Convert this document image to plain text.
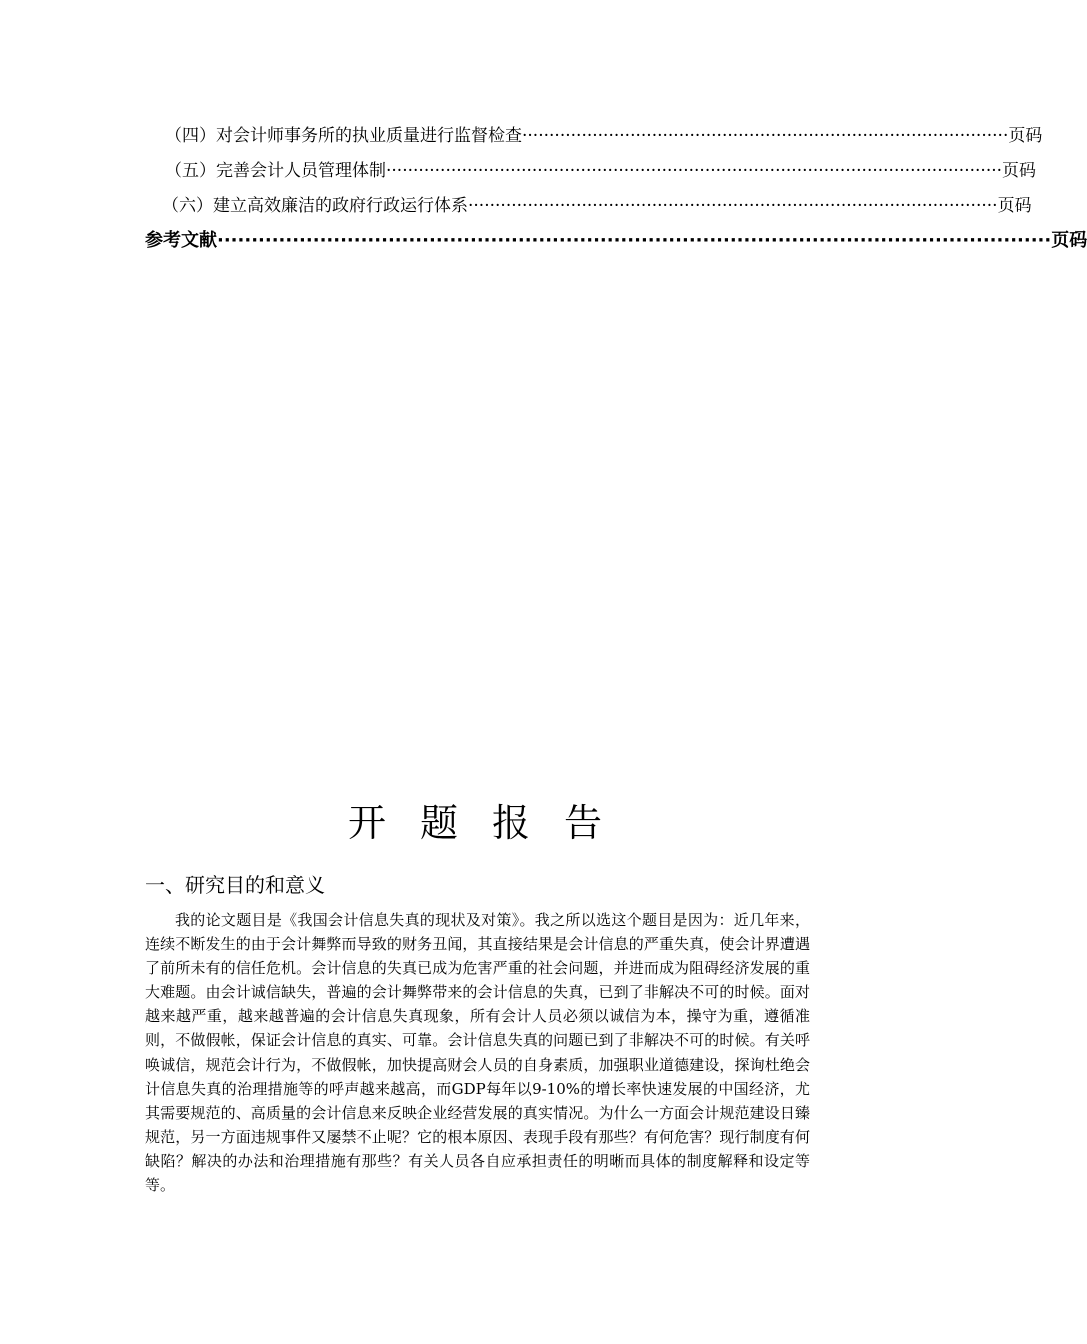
（四）对会计师事务所的执业质量进行监督检查 ·························································································· 页码
（五）完善会计人员管理体制 ·················································································································· 页码
（六）建立高效廉洁的政府行政运行体系 ·································································································· 页码
参考文献 ·························································································································· 页码
开题报告
一、研究目的和意义
我的论文题目是《我国会计信息失真的现状及对策》。我之所以选这个题目是因为：近几年来，连续不断发生的由于会计舞弊而导致的财务丑闻，其直接结果是会计信息的严重失真，使会计界遭遇了前所未有的信任危机。会计信息的失真已成为危害严重的社会问题，并进而成为阻碍经济发展的重大难题。由会计诚信缺失，普遍的会计舞弊带来的会计信息的失真，已到了非解决不可的时候。面对越来越严重，越来越普遍的会计信息失真现象，所有会计人员必须以诚信为本，操守为重，遵循准则，不做假帐，保证会计信息的真实、可靠。会计信息失真的问题已到了非解决不可的时候。有关呼唤诚信，规范会计行为，不做假帐，加快提高财会人员的自身素质，加强职业道德建设，探询杜绝会计信息失真的治理措施等的呼声越来越高，而GDP每年以9-10%的增长率快速发展的中国经济，尤其需要规范的、高质量的会计信息来反映企业经营发展的真实情况。为什么一方面会计规范建设日臻规范，另一方面违规事件又屡禁不止呢？它的根本原因、表现手段有那些？有何危害？现行制度有何缺陷？解决的办法和治理措施有那些？有关人员各自应承担责任的明晰而具体的制度解释和设定等等。
